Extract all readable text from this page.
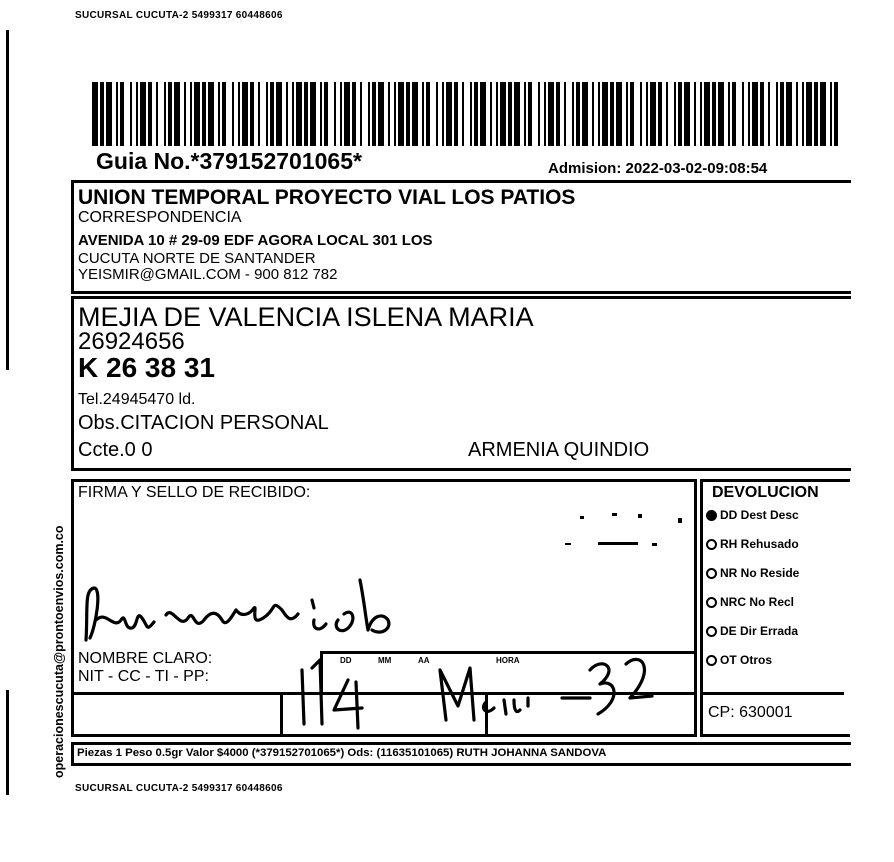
SUCURSAL CUCUTA-2 5499317 60448606
Guia No.*379152701065*	Admision: 2022-03-02-09:08:54
UNION TEMPORAL PROYECTO VIAL LOS PATIOS
CORRESPONDENCIA
AVENIDA 10 # 29-09 EDF AGORA LOCAL 301 LOS
CUCUTA NORTE DE SANTANDER
YEISMIR@GMAIL.COM - 900 812 782
MEJIA DE VALENCIA ISLENA MARIA
26924656
K 26 38 31
Tel.24945470 ld.
Obs.CITACION PERSONAL
Ccte.0 0	ARMENIA QUINDIO
FIRMA Y SELLO DE RECIBIDO:
NOMBRE CLARO:
NIT - CC - TI - PP:
DD	MM	AA	HORA
DEVOLUCION
DD Dest Desc
RH Rehusado
NR No Reside
NRC No Recl
DE Dir Errada
OT Otros
CP: 630001
Piezas 1 Peso 0.5gr Valor $4000 (*379152701065*) Ods: (11635101065) RUTH JOHANNA SANDOVA
SUCURSAL CUCUTA-2 5499317 60448606
operacionescucuta@prontoenvios.com.co
